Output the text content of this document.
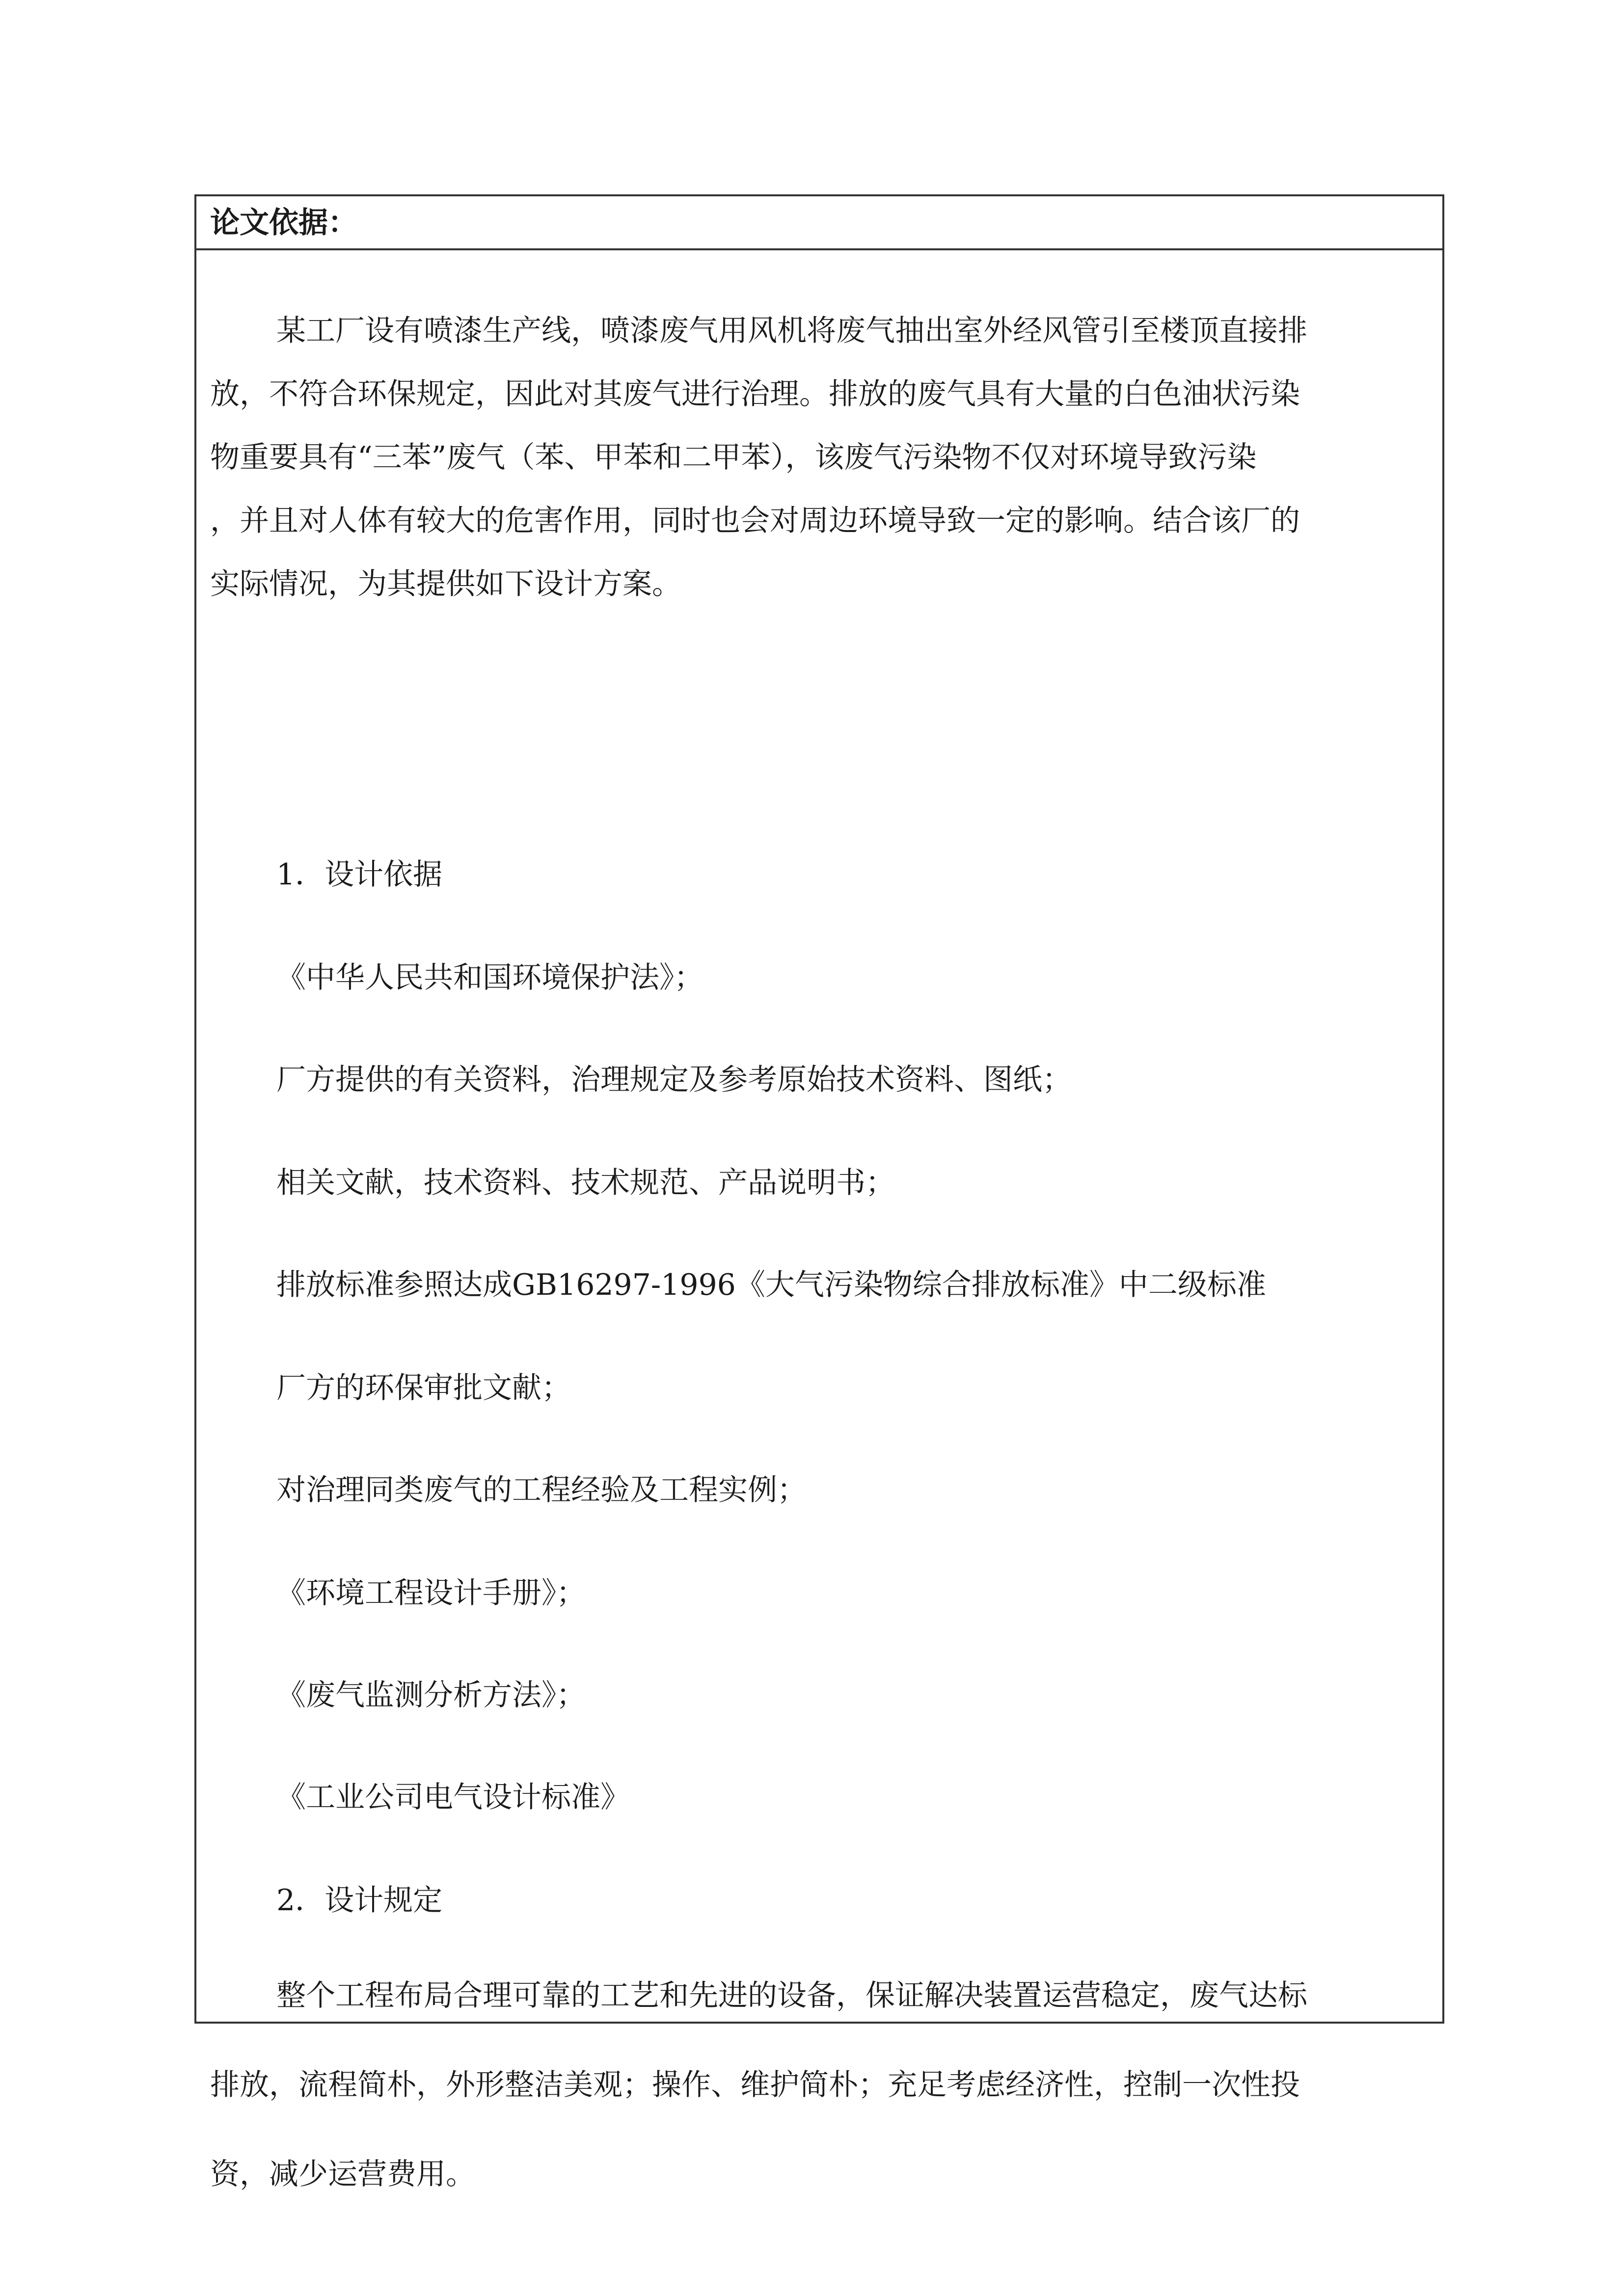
论文依据：
某工厂设有喷漆生产线，喷漆废气用风机将废气抽出室外经风管引至楼顶直接排
放，不符合环保规定，因此对其废气进行治理。排放的废气具有大量的白色油状污染
物重要具有“三苯”废气（苯、甲苯和二甲苯），该废气污染物不仅对环境导致污染
，并且对人体有较大的危害作用，同时也会对周边环境导致一定的影响。结合该厂的
实际情况，为其提供如下设计方案。
1．设计依据
《中华人民共和国环境保护法》；
厂方提供的有关资料，治理规定及参考原始技术资料、图纸；
相关文献，技术资料、技术规范、产品说明书；
排放标准参照达成GB16297-1996《大气污染物综合排放标准》中二级标准
厂方的环保审批文献；
对治理同类废气的工程经验及工程实例；
《环境工程设计手册》；
《废气监测分析方法》；
《工业公司电气设计标准》
2．设计规定
整个工程布局合理可靠的工艺和先进的设备，保证解决装置运营稳定，废气达标
排放，流程简朴，外形整洁美观；操作、维护简朴；充足考虑经济性，控制一次性投
资，减少运营费用。
